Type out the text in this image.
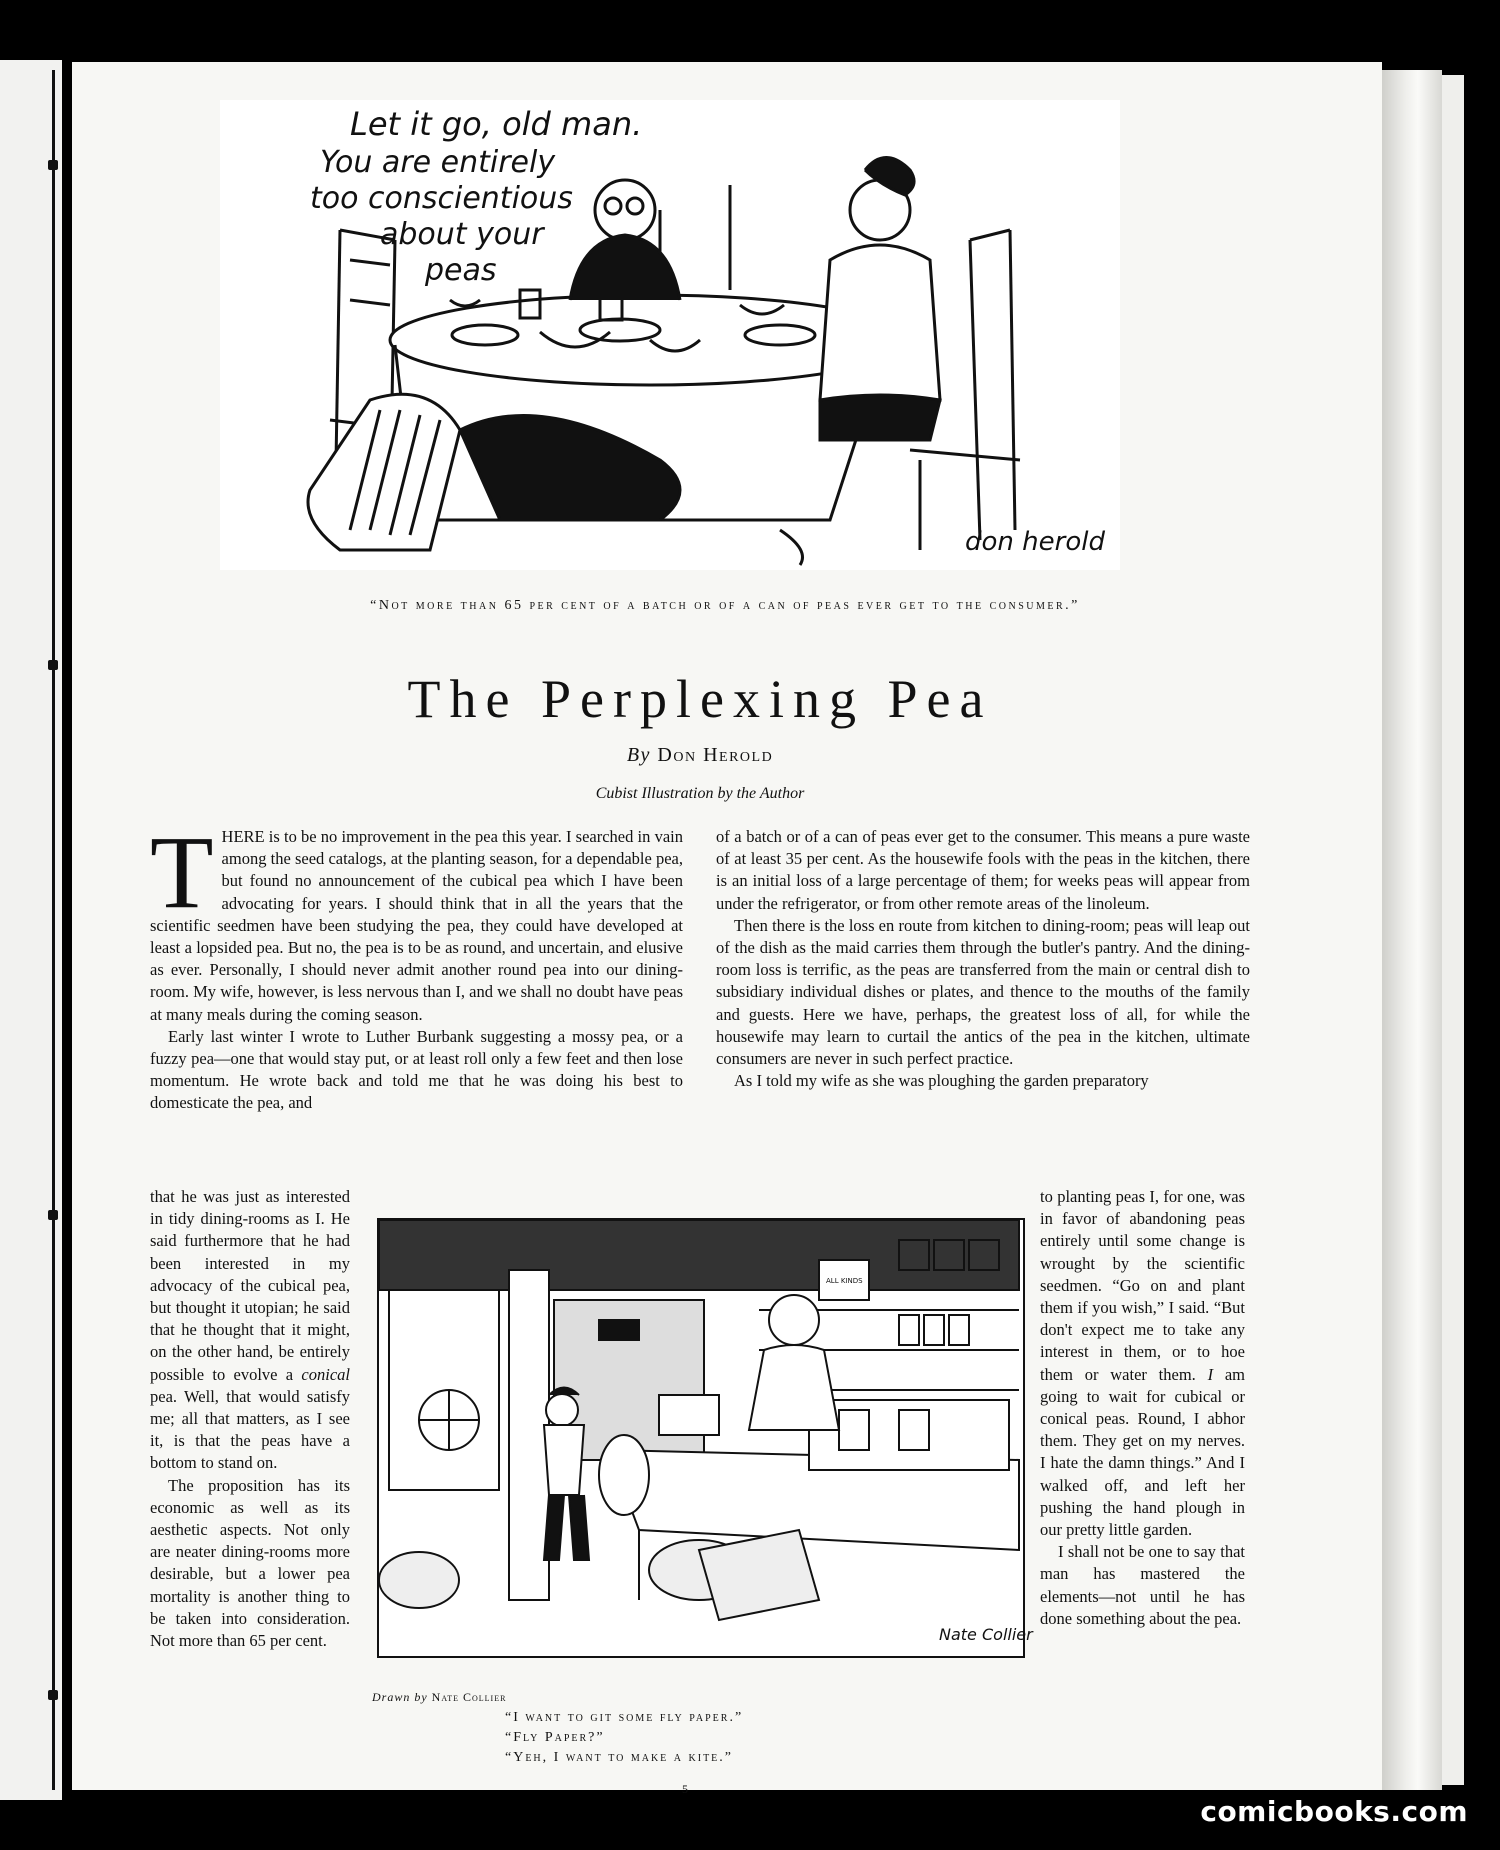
Let it go, old man.
You are entirely
too conscientious
about your
peas
don herold
“Not more than 65 per cent of a batch or of a can of peas ever get to the consumer.”
The Perplexing Pea
By Don Herold
Cubist Illustration by the Author

THERE is to be no improvement in the pea this year. I searched in vain among the seed catalogs, at the planting season, for a dependable pea, but found no announcement of the cubical pea which I have been advocating for years. I should think that in all the years that the scientific seedmen have been studying the pea, they could have developed at least a lopsided pea. But no, the pea is to be as round, and uncertain, and elusive as ever. Personally, I should never admit another round pea into our dining-room. My wife, however, is less nervous than I, and we shall no doubt have peas at many meals during the coming season.

Early last winter I wrote to Luther Burbank suggesting a mossy pea, or a fuzzy pea—one that would stay put, or at least roll only a few feet and then lose momentum. He wrote back and told me that he was doing his best to domesticate the pea, and

that he was just as interested in tidy dining-rooms as I. He said furthermore that he had been interested in my advocacy of the cubical pea, but thought it utopian; he said that he thought that it might, on the other hand, be entirely possible to evolve a conical pea. Well, that would satisfy me; all that matters, as I see it, is that the peas have a bottom to stand on.

The proposition has its economic as well as its aesthetic aspects. Not only are neater dining-rooms more desirable, but a lower pea mortality is another thing to be taken into consideration. Not more than 65 per cent.

of a batch or of a can of peas ever get to the consumer. This means a pure waste of at least 35 per cent. As the housewife fools with the peas in the kitchen, there is an initial loss of a large percentage of them; for weeks peas will appear from under the refrigerator, or from other remote areas of the linoleum.

Then there is the loss en route from kitchen to dining-room; peas will leap out of the dish as the maid carries them through the butler's pantry. And the dining-room loss is terrific, as the peas are transferred from the main or central dish to subsidiary individual dishes or plates, and thence to the mouths of the family and guests. Here we have, perhaps, the greatest loss of all, for while the housewife may learn to curtail the antics of the pea in the kitchen, ultimate consumers are never in such perfect practice.

As I told my wife as she was ploughing the garden preparatory

to planting peas I, for one, was in favor of abandoning peas entirely until some change is wrought by the scientific seedmen. “Go on and plant them if you wish,” I said. “But don't expect me to take any interest in them, or to hoe them or water them. I am going to wait for cubical or conical peas. Round, I abhor them. They get on my nerves. I hate the damn things.” And I walked off, and left her pushing the hand plough in our pretty little garden.

I shall not be one to say that man has mastered the elements—not until he has done something about the pea.

Nate Collier
ALL KINDS
Drawn by Nate Collier
“I want to git some fly paper.”
“Fly Paper?”
“Yeh, I want to make a kite.”
5
comicbooks.com
